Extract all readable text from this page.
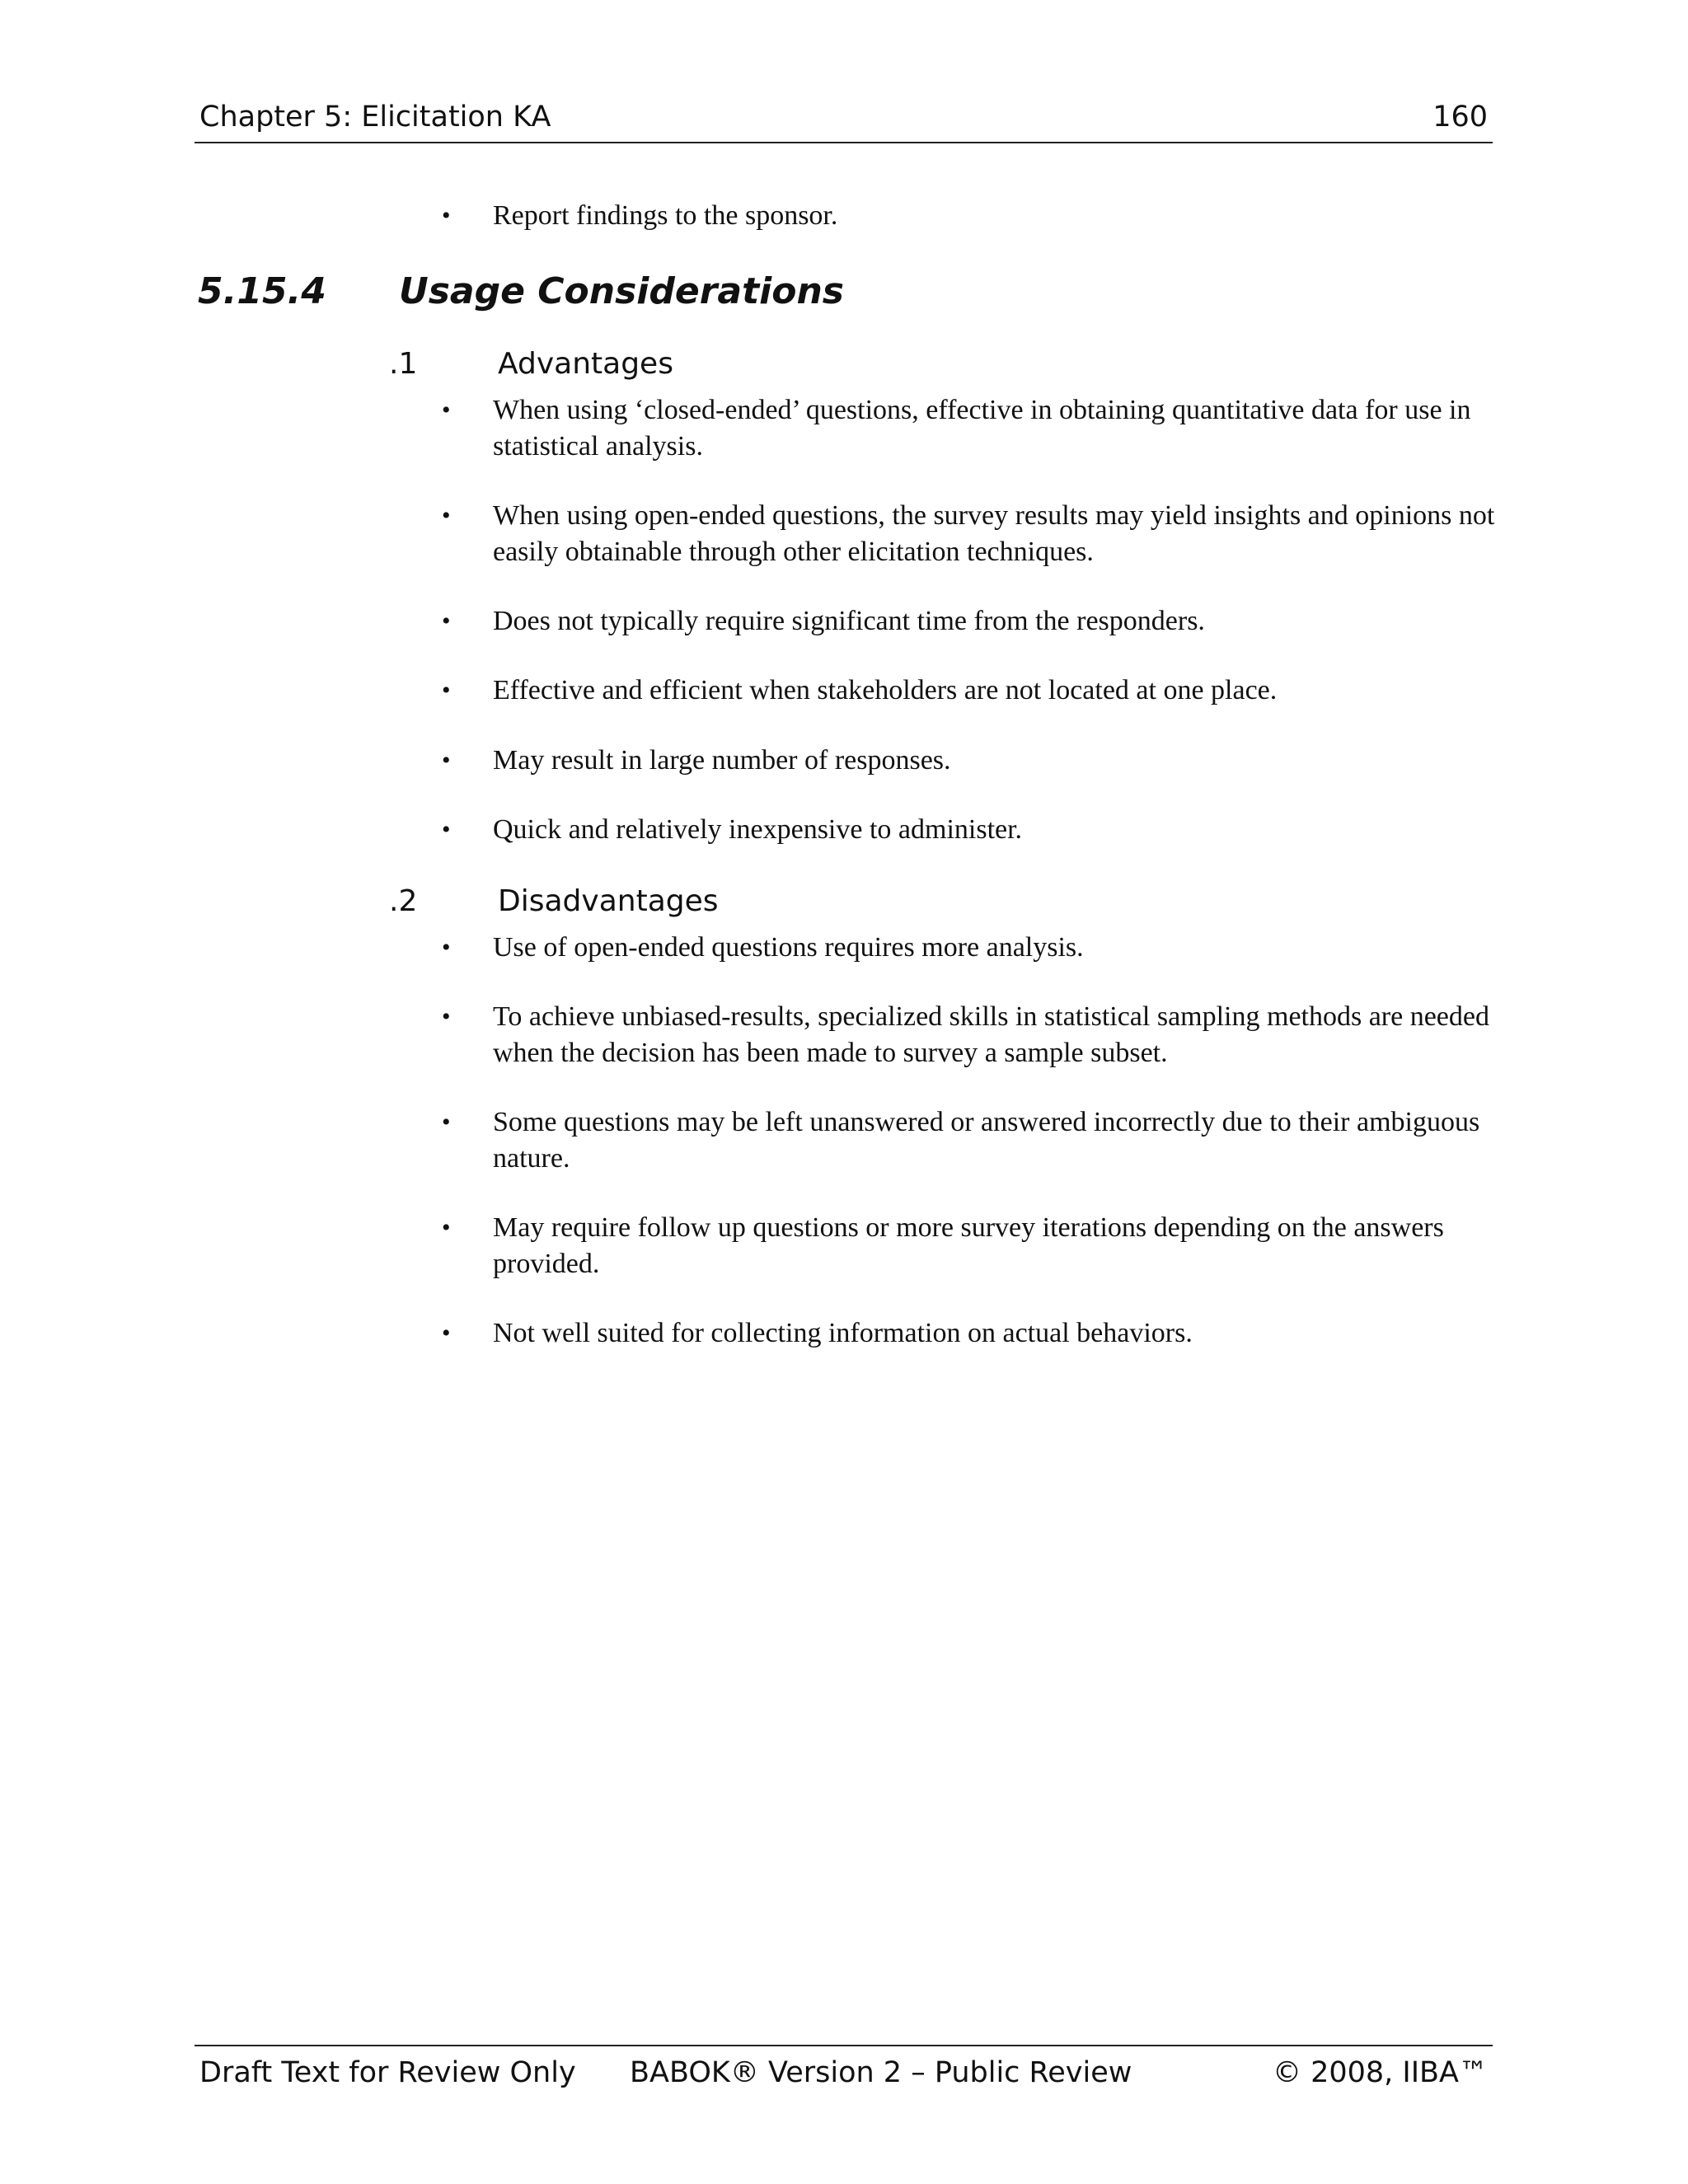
Chapter 5: Elicitation KA	160
•	Report findings to the sponsor.
5.15.4 Usage Considerations
.1	Advantages
•	When using ‘closed-ended’ questions, effective in obtaining quantitative data for use in statistical analysis.
•	When using open-ended questions, the survey results may yield insights and opinions not easily obtainable through other elicitation techniques.
•	Does not typically require significant time from the responders.
•	Effective and efficient when stakeholders are not located at one place.
•	May result in large number of responses.
•	Quick and relatively inexpensive to administer.
.2	Disadvantages
•	Use of open-ended questions requires more analysis.
•	To achieve unbiased-results, specialized skills in statistical sampling methods are needed when the decision has been made to survey a sample subset.
•	Some questions may be left unanswered or answered incorrectly due to their ambiguous nature.
•	May require follow up questions or more survey iterations depending on the answers provided.
•	Not well suited for collecting information on actual behaviors.
Draft Text for Review Only BABOK® Version 2 – Public Review	© 2008, IIBA™
